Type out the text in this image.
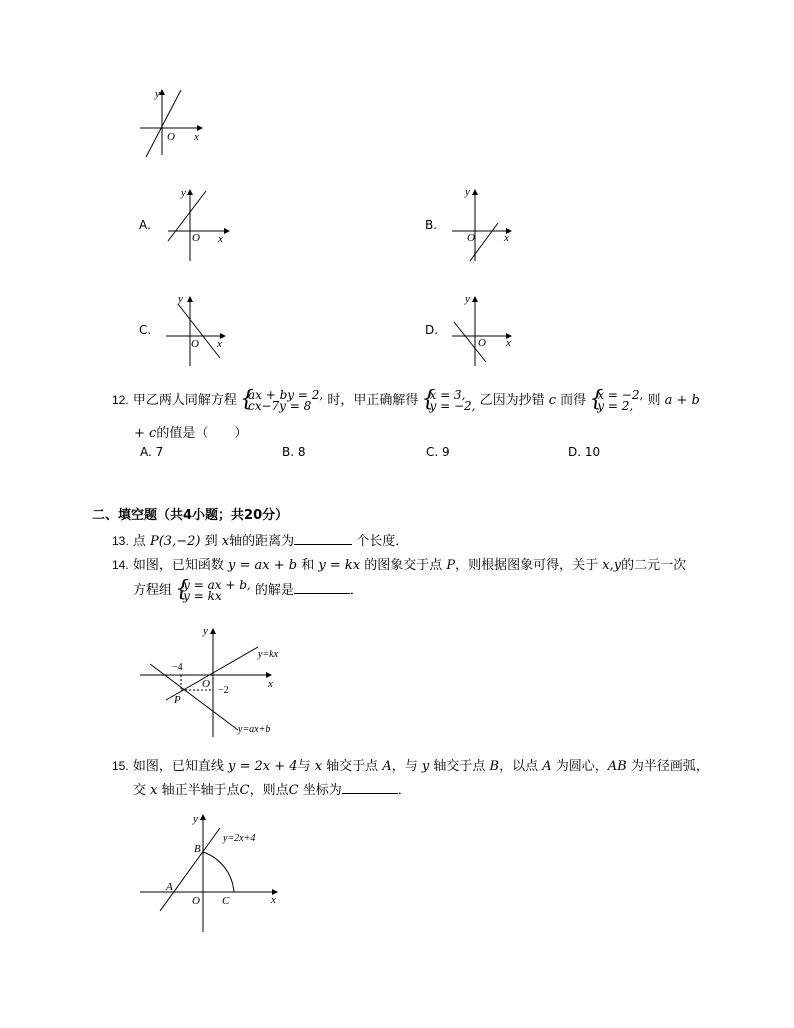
y
O x
A.
y
O x
B.
y
O	x
C.
y
O x
D.
y
O x
12. 甲乙两人同解方程 { ax + by = 2,
cx−7y = 8	时，甲正确解得 { x = 3,
y = −2, 乙因为抄错 c 而得 { x = −2,
y = 2,	则 a + b
+ c的值是（　　）
A. 7	B. 8	C. 9	D. 10
二、填空题（共4小题；共20分）
13. 点 P(3,−2) 到 x轴的距离为	个长度．
14. 如图，已知函数 y = ax + b 和 y = kx 的图象交于点 P，则根据图象可得，关于 x,y的二元一次
方程组 { y = ax + b,
y = kx	的解是	．
y
x
O
y=kx
y=ax+b
−4
−2
P
15. 如图，已知直线 y = 2x + 4与 x 轴交于点 A，与 y 轴交于点 B，以点 A 为圆心，AB 为半径画弧，
交 x 轴正半轴于点C，则点C 坐标为	．
y
x
O
y=2x+4
A
B
C
